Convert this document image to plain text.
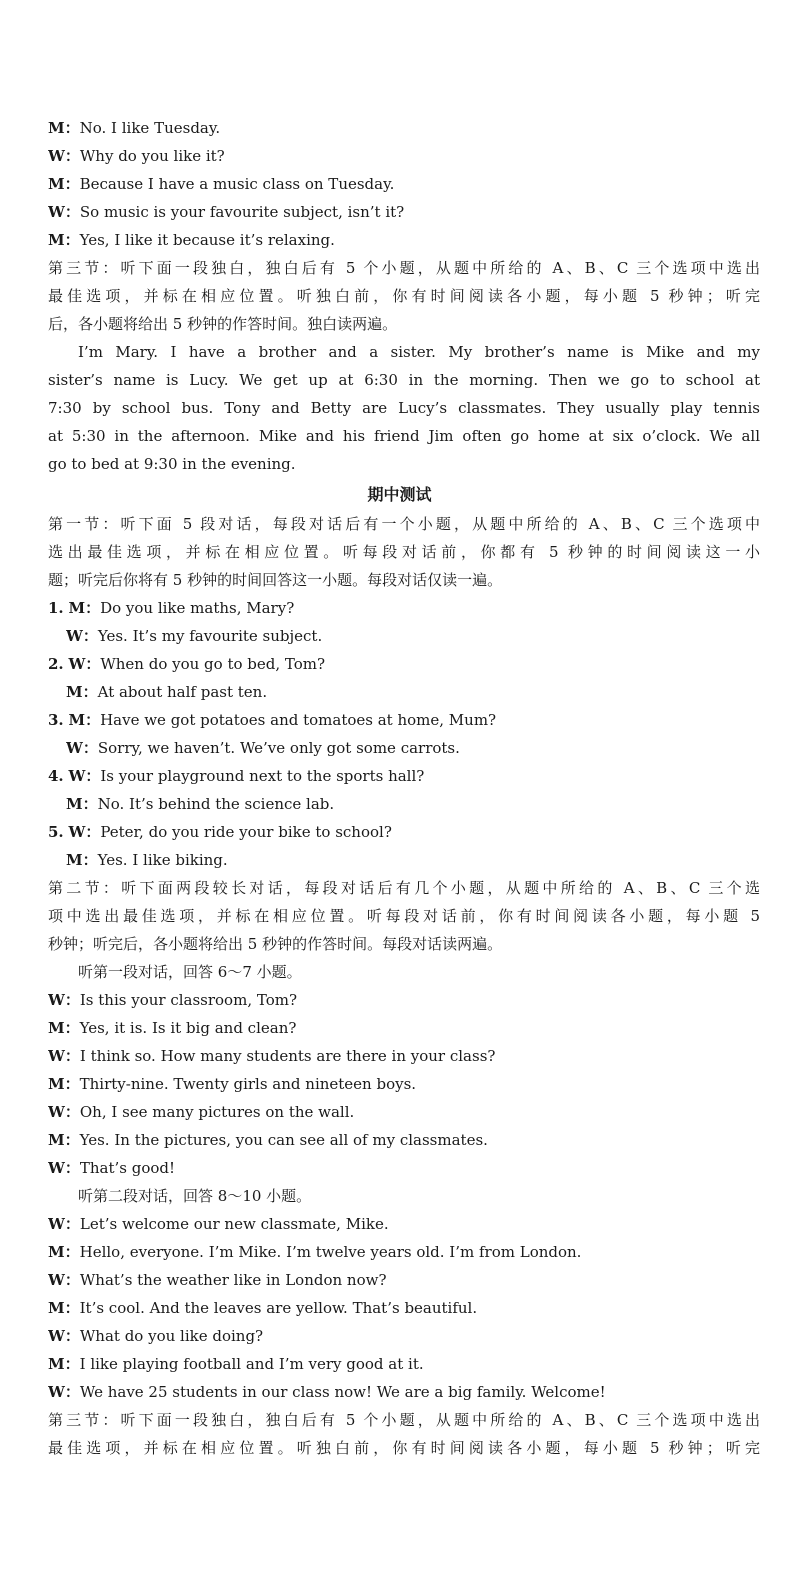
M：No. I like Tuesday.
W：Why do you like it?
M：Because I have a music class on Tuesday.
W：So music is your favourite subject, isn’t it?
M：Yes, I like it because it’s relaxing.
第三节：听下面一段独白，独白后有 5 个小题，从题中所给的 A、B、C 三个选项中选出
最佳选项，并标在相应位置。听独白前，你有时间阅读各小题，每小题 5 秒钟；听完
后，各小题将给出 5 秒钟的作答时间。独白读两遍。
I’m Mary. I have a brother and a sister. My brother’s name is Mike and my
sister’s name is Lucy. We get up at 6:30 in the morning. Then we go to school at
7:30 by school bus. Tony and Betty are Lucy’s classmates. They usually play tennis
at 5:30 in the afternoon. Mike and his friend Jim often go home at six o’clock. We all
go to bed at 9:30 in the evening.
期中测试
第一节：听下面 5 段对话，每段对话后有一个小题，从题中所给的 A、B、C 三个选项中
选出最佳选项，并标在相应位置。听每段对话前，你都有 5 秒钟的时间阅读这一小
题；听完后你将有 5 秒钟的时间回答这一小题。每段对话仅读一遍。
1. M：Do you like maths, Mary?
W：Yes. It’s my favourite subject.
2. W：When do you go to bed, Tom?
M：At about half past ten.
3. M：Have we got potatoes and tomatoes at home, Mum?
W：Sorry, we haven’t. We’ve only got some carrots.
4. W：Is your playground next to the sports hall?
M：No. It’s behind the science lab.
5. W：Peter, do you ride your bike to school?
M：Yes. I like biking.
第二节：听下面两段较长对话，每段对话后有几个小题，从题中所给的 A、B、C 三个选
项中选出最佳选项，并标在相应位置。听每段对话前，你有时间阅读各小题，每小题 5
秒钟；听完后，各小题将给出 5 秒钟的作答时间。每段对话读两遍。
听第一段对话，回答 6～7 小题。
W：Is this your classroom, Tom?
M：Yes, it is. Is it big and clean?
W：I think so. How many students are there in your class?
M：Thirty-nine. Twenty girls and nineteen boys.
W：Oh, I see many pictures on the wall.
M：Yes. In the pictures, you can see all of my classmates.
W：That’s good!
听第二段对话，回答 8～10 小题。
W：Let’s welcome our new classmate, Mike.
M：Hello, everyone. I’m Mike. I’m twelve years old. I’m from London.
W：What’s the weather like in London now?
M：It’s cool. And the leaves are yellow. That’s beautiful.
W：What do you like doing?
M：I like playing football and I’m very good at it.
W：We have 25 students in our class now! We are a big family. Welcome!
第三节：听下面一段独白，独白后有 5 个小题，从题中所给的 A、B、C 三个选项中选出
最佳选项，并标在相应位置。听独白前，你有时间阅读各小题，每小题 5 秒钟；听完
